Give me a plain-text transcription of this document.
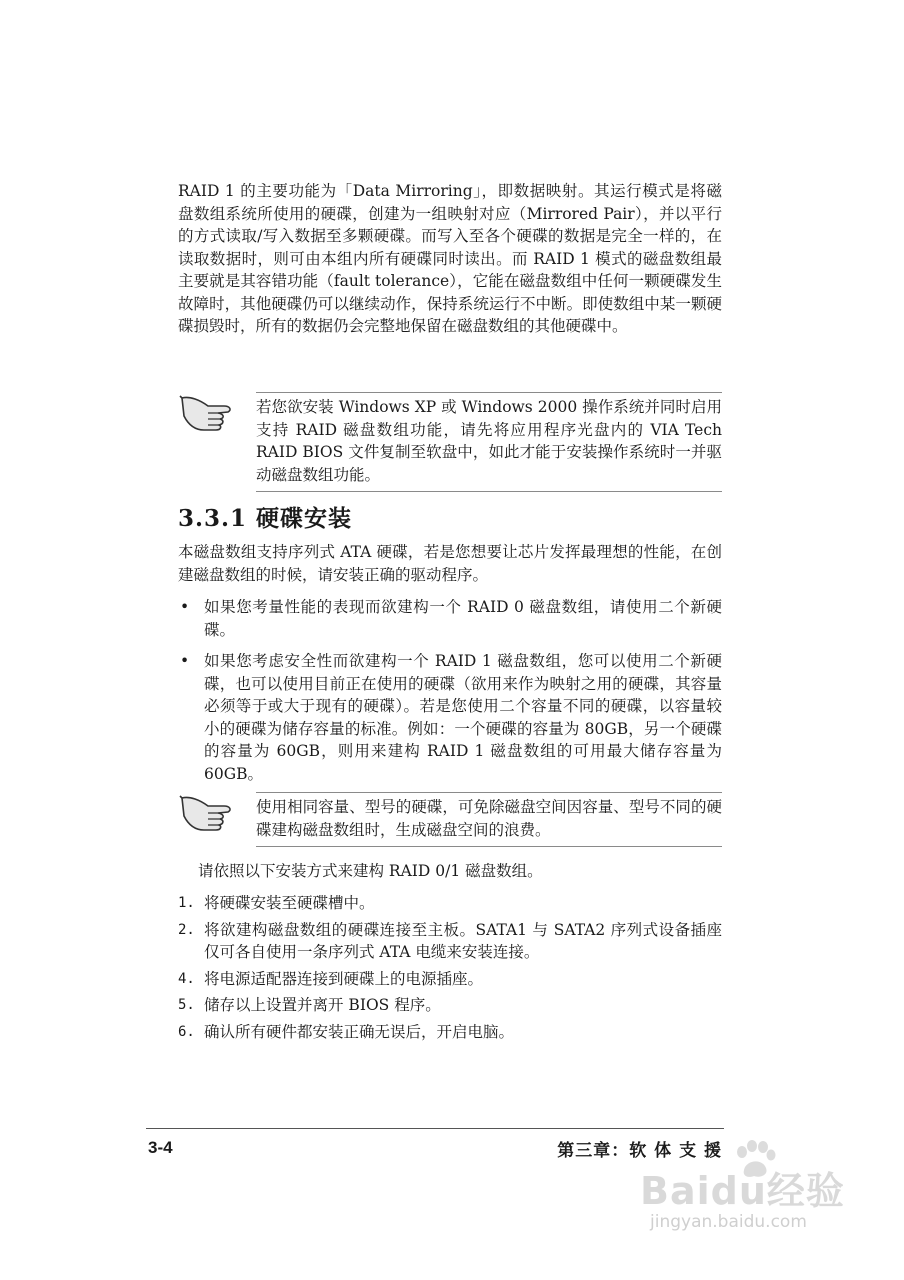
RAID 1 的主要功能为「Data Mirroring」，即数据映射。其运行模式是将磁盘数组系统所使用的硬碟，创建为一组映射对应（Mirrored Pair），并以平行的方式读取/写入数据至多颗硬碟。而写入至各个硬碟的数据是完全一样的，在读取数据时，则可由本组内所有硬碟同时读出。而 RAID 1 模式的磁盘数组最主要就是其容错功能（fault tolerance），它能在磁盘数组中任何一颗硬碟发生故障时，其他硬碟仍可以继续动作，保持系统运行不中断。即使数组中某一颗硬碟损毁时，所有的数据仍会完整地保留在磁盘数组的其他硬碟中。

若您欲安装 Windows XP 或 Windows 2000 操作系统并同时启用支持 RAID 磁盘数组功能，请先将应用程序光盘内的 VIA Tech RAID BIOS 文件复制至软盘中，如此才能于安装操作系统时一并驱动磁盘数组功能。

3.3.1 硬碟安装

本磁盘数组支持序列式 ATA 硬碟，若是您想要让芯片发挥最理想的性能，在创建磁盘数组的时候，请安装正确的驱动程序。

• 如果您考量性能的表现而欲建构一个 RAID 0 磁盘数组，请使用二个新硬碟。
• 如果您考虑安全性而欲建构一个 RAID 1 磁盘数组，您可以使用二个新硬碟，也可以使用目前正在使用的硬碟（欲用来作为映射之用的硬碟，其容量必须等于或大于现有的硬碟）。若是您使用二个容量不同的硬碟，以容量较小的硬碟为储存容量的标准。例如：一个硬碟的容量为 80GB，另一个硬碟的容量为 60GB，则用来建构 RAID 1 磁盘数组的可用最大储存容量为 60GB。

使用相同容量、型号的硬碟，可免除磁盘空间因容量、型号不同的硬碟建构磁盘数组时，生成磁盘空间的浪费。

请依照以下安装方式来建构 RAID 0/1 磁盘数组。

1. 将硬碟安装至硬碟槽中。
2. 将欲建构磁盘数组的硬碟连接至主板。SATA1 与 SATA2 序列式设备插座仅可各自使用一条序列式 ATA 电缆来安装连接。
4. 将电源适配器连接到硬碟上的电源插座。
5. 储存以上设置并离开 BIOS 程序。
6. 确认所有硬件都安装正确无误后，开启电脑。
3-4	第三章：软 体 支 援
Baidu经验
jingyan.baidu.com
